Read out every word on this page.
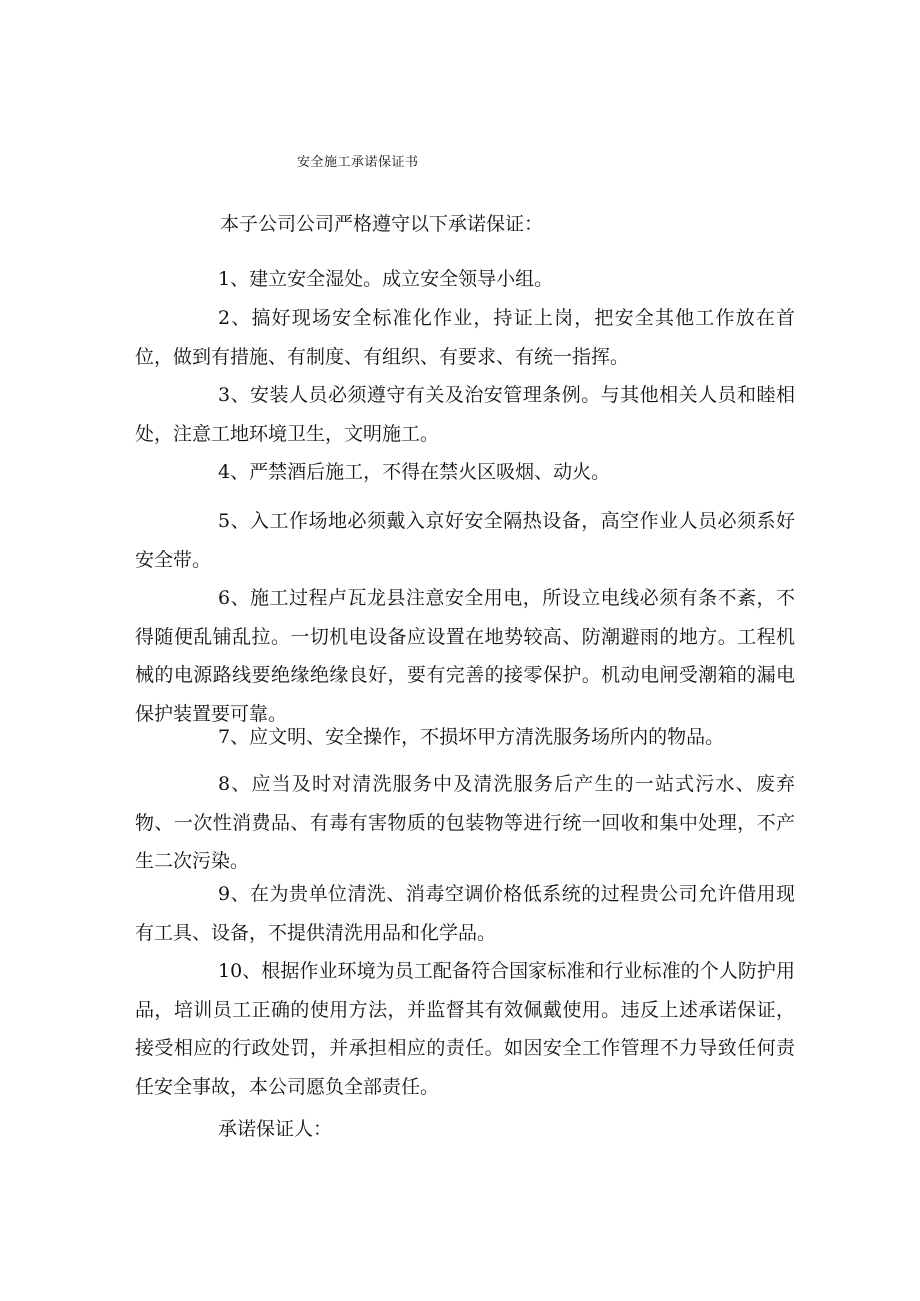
安全施工承诺保证书
本子公司公司严格遵守以下承诺保证：

1、建立安全湿处。成立安全领导小组。

2、搞好现场安全标准化作业，持证上岗，把安全其他工作放在首位，做到有措施、有制度、有组织、有要求、有统一指挥。

3、安装人员必须遵守有关及治安管理条例。与其他相关人员和睦相处，注意工地环境卫生，文明施工。

4、严禁酒后施工，不得在禁火区吸烟、动火。

5、入工作场地必须戴入京好安全隔热设备，高空作业人员必须系好安全带。

6、施工过程卢瓦龙县注意安全用电，所设立电线必须有条不紊，不得随便乱铺乱拉。一切机电设备应设置在地势较高、防潮避雨的地方。工程机械的电源路线要绝缘绝缘良好，要有完善的接零保护。机动电闸受潮箱的漏电保护装置要可靠。

7、应文明、安全操作，不损坏甲方清洗服务场所内的物品。

8、应当及时对清洗服务中及清洗服务后产生的一站式污水、废弃物、一次性消费品、有毒有害物质的包装物等进行统一回收和集中处理，不产生二次污染。

9、在为贵单位清洗、消毒空调价格低系统的过程贵公司允许借用现有工具、设备，不提供清洗用品和化学品。

10、根据作业环境为员工配备符合国家标准和行业标准的个人防护用品，培训员工正确的使用方法，并监督其有效佩戴使用。违反上述承诺保证，接受相应的行政处罚，并承担相应的责任。如因安全工作管理不力导致任何责任安全事故，本公司愿负全部责任。

承诺保证人：
